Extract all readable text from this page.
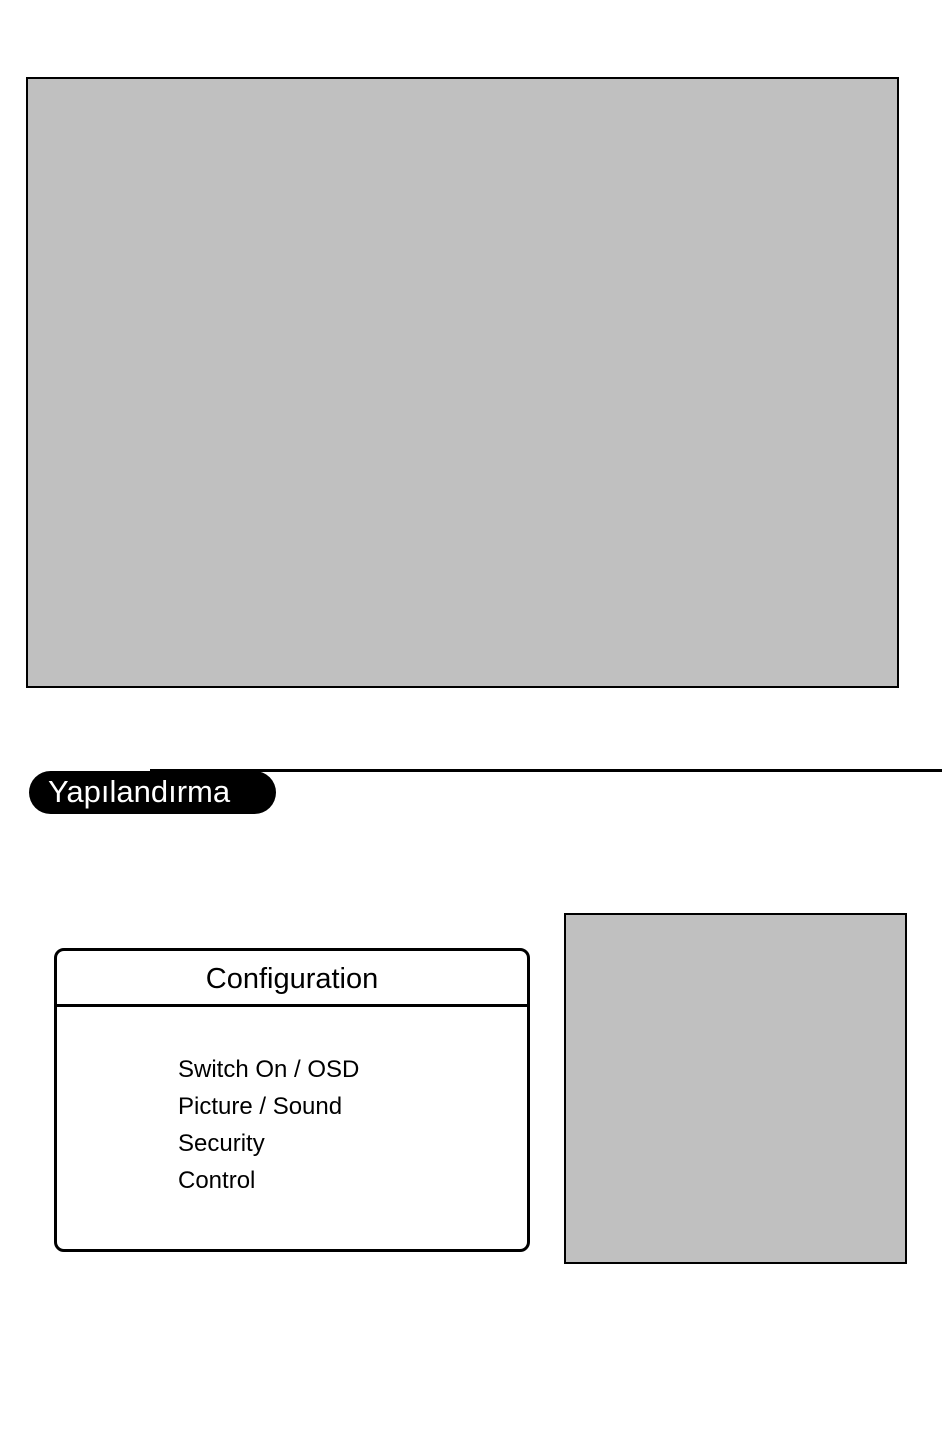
Yapılandırma
Configuration
Switch On / OSD
Picture / Sound
Security
Control
